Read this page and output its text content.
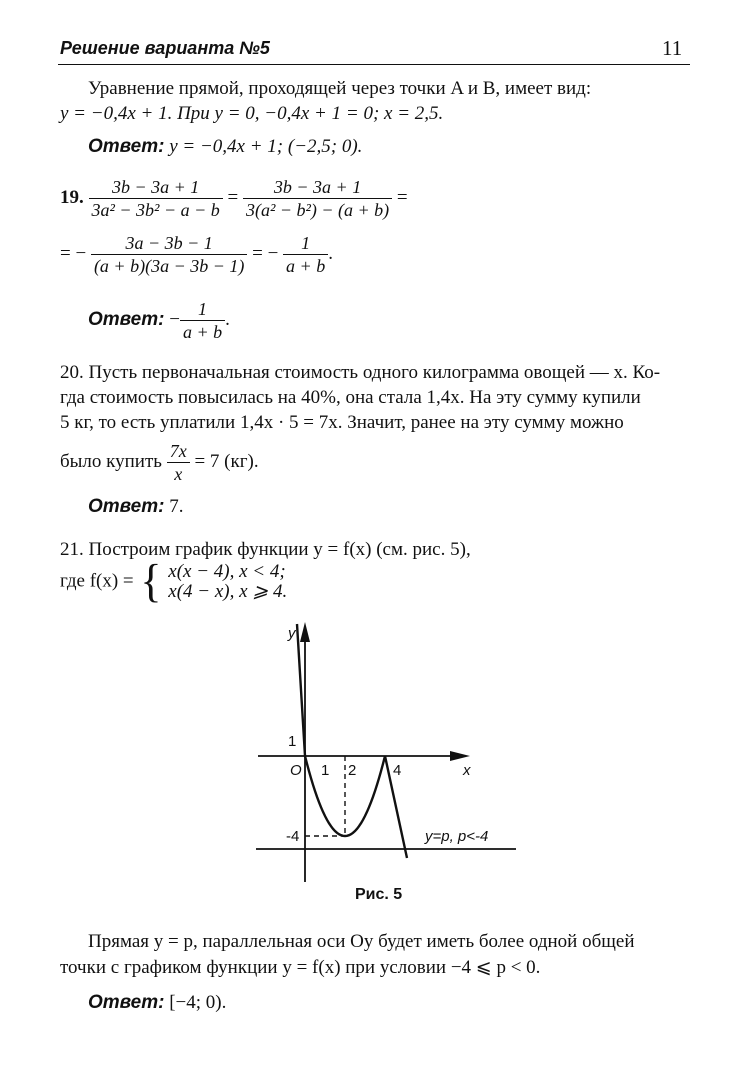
Решение варианта №5	11
Уравнение прямой, проходящей через точки A и B, имеет вид:
y = −0,4x + 1. При y = 0, −0,4x + 1 = 0; x = 2,5.
Ответ: y = −0,4x + 1; (−2,5; 0).
19. $\frac{3b - 3a + 1}{\text{3a² − 3b² − a − b}} = \frac{3b - 3a + 1}{\text{3(a² − b²) − (a + b)}}$ =
= − $\frac{3a - 3b - 1}{(a + b)(3a - 3b - 1)}$ = − $\frac{1}{a + b}$ .
Ответ: − $\frac{1}{a + b}$ .
20. Пусть первоначальная стоимость одного килограмма овощей — x. Ко-
гда стоимость повысилась на 40%, она стала 1,4x. На эту сумму купили
5 кг, то есть уплатили 1,4x · 5 = 7x. Значит, ранее на эту сумму можно
было купить $\frac{7x}{x} = 7$ (кг).
Ответ: 7.
21. Построим график функции y = f(x) (см. рис. 5),
где f(x) = { x(x − 4), x < 4;
x(4 − x), x ⩾ 4.
y
x
O 1 2 4
1
-4	y=p, p<-4
Рис. 5
Прямая y = p, параллельная оси Oy будет иметь более одной общей
точки с графиком функции y = f(x) при условии −4 ⩽ p < 0.
Ответ: [−4; 0).
